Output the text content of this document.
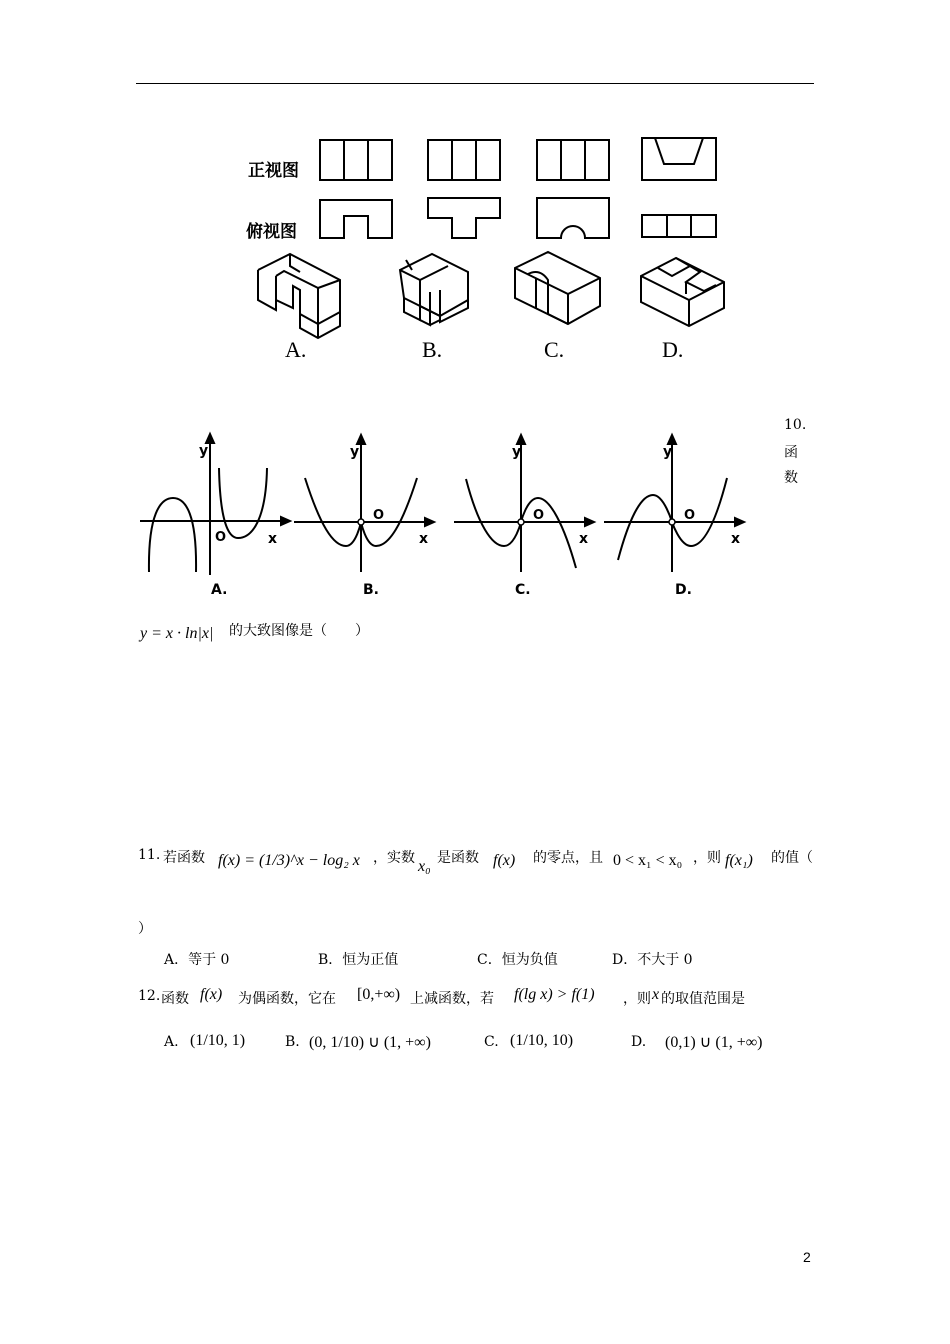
正视图
俯视图
A.	B.	C.	D.
10.
函
数
y
x
O
y
x
O
y
x
O
y
x
O
A.	B.	C.	D.
y = x · ln|x| 的大致图像是（　　）
11. 若函数 f(x) = (1/3)^x − log₂ x ，实数 x₀ 是函数 f(x) 的零点，且 0 < x₁ < x₀ ，则 f(x₁) 的值（
）
A．等于 0	B．恒为正值	C．恒为负值	D．不大于 0
12. 函数 f(x) 为偶函数，它在 [0,+∞) 上减函数，若 f(lg x) > f(1) ，则 x 的取值范围是
A. (1/10, 1)	B. (0, 1/10) ∪ (1, +∞)	C. (1/10, 10)	D. (0,1) ∪ (1, +∞)
2
